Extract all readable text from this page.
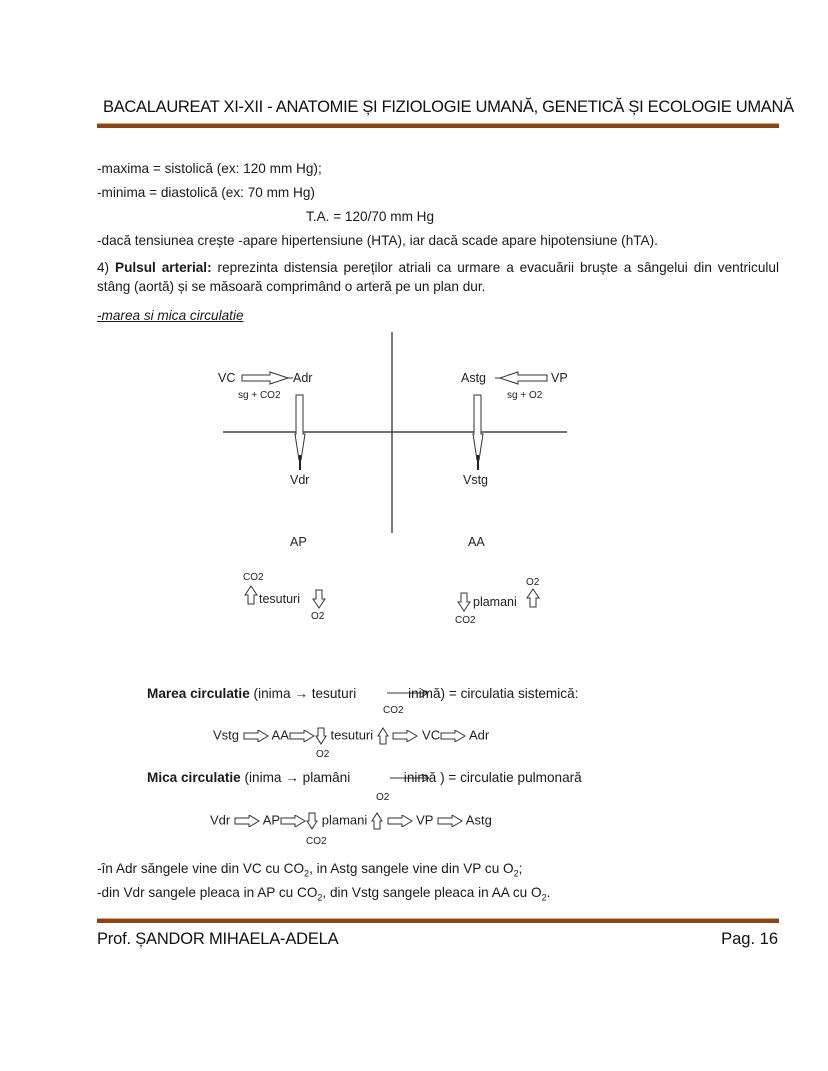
BACALAUREAT XI-XII - ANATOMIE ȘI FIZIOLOGIE UMANĂ, GENETICĂ ȘI ECOLOGIE UMANĂ
-maxima = sistolică (ex: 120 mm Hg);
-minima = diastolică (ex: 70 mm Hg)
T.A. = 120/70 mm Hg
-dacă tensiunea crește -apare hipertensiune (HTA), iar dacă scade apare hipotensiune (hTA).
4) Pulsul arterial: reprezinta distensia pereților atriali ca urmare a evacuării bruște a sângelui din ventriculul stâng (aortă) și se măsoară comprimând o arteră pe un plan dur.
-marea si mica circulatie
VC	Adr
sg + CO2
Vdr
AP
CO2
tesuturi
O2
Astg	VP
sg + O2
Vstg
AA
O2
plamani
CO2
Marea circulatie (inima → tesuturi	inimă) = circulatia sistemică:
CO2
Vstg	AA	tesuturi	VC Adr
O2
Mica circulatie (inima → plamâni	inimă ) = circulatie pulmonară
O2
Vdr	AP	plamani	VP	Astg
CO2
-în Adr săngele vine din VC cu $CO_2$, in Astg sangele vine din VP cu $O_2$;
-din Vdr sangele pleaca in AP cu $CO_2$, din Vstg sangele pleaca in AA cu $O_2$.
Prof. ȘANDOR MIHAELA-ADELA	Pag. 16
